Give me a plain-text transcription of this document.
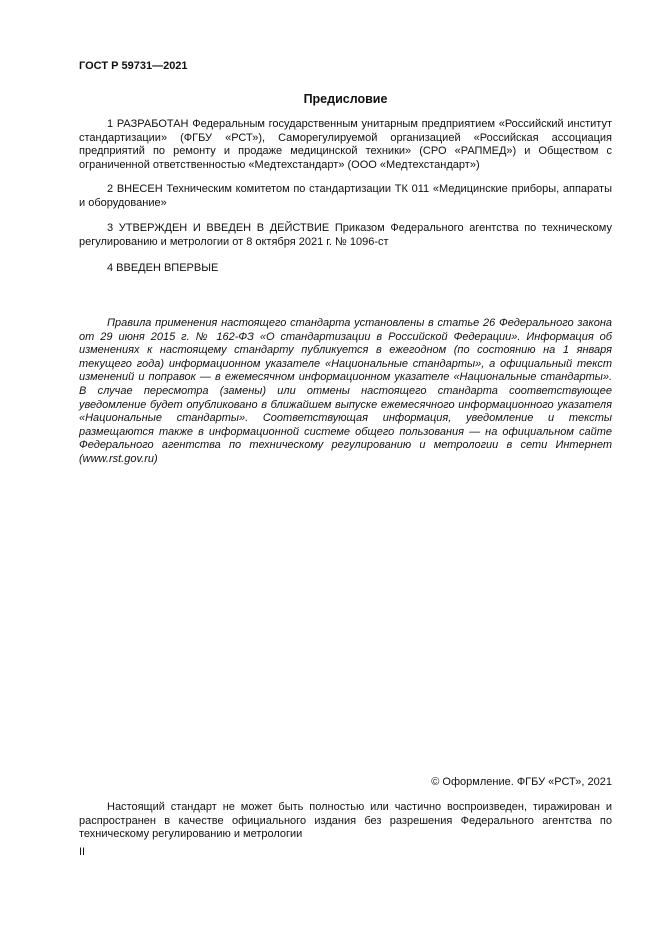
ГОСТ Р 59731—2021
Предисловие

1 РАЗРАБОТАН Федеральным государственным унитарным предприятием «Российский институт стандартизации» (ФГБУ «РСТ»), Саморегулируемой организацией «Российская ассоциация предприятий по ремонту и продаже медицинской техники» (СРО «РАПМЕД») и Обществом с ограниченной ответственностью «Медтехстандарт» (ООО «Медтехстандарт»)

2 ВНЕСЕН Техническим комитетом по стандартизации ТК 011 «Медицинские приборы, аппараты и оборудование»

3 УТВЕРЖДЕН И ВВЕДЕН В ДЕЙСТВИЕ Приказом Федерального агентства по техническому регулированию и метрологии от 8 октября 2021 г. № 1096-ст

4 ВВЕДЕН ВПЕРВЫЕ

Правила применения настоящего стандарта установлены в статье 26 Федерального закона от 29 июня 2015 г. № 162-ФЗ «О стандартизации в Российской Федерации». Информация об изменениях к настоящему стандарту публикуется в ежегодном (по состоянию на 1 января текущего года) информационном указателе «Национальные стандарты», а официальный текст изменений и поправок — в ежемесячном информационном указателе «Национальные стандарты». В случае пересмотра (замены) или отмены настоящего стандарта соответствующее уведомление будет опубликовано в ближайшем выпуске ежемесячного информационного указателя «Национальные стандарты». Соответствующая информация, уведомление и тексты размещаются также в информационной системе общего пользования — на официальном сайте Федерального агентства по техническому регулированию и метрологии в сети Интернет (www.rst.gov.ru)

© Оформление. ФГБУ «РСТ», 2021

Настоящий стандарт не может быть полностью или частично воспроизведен, тиражирован и распространен в качестве официального издания без разрешения Федерального агентства по техническому регулированию и метрологии

II
